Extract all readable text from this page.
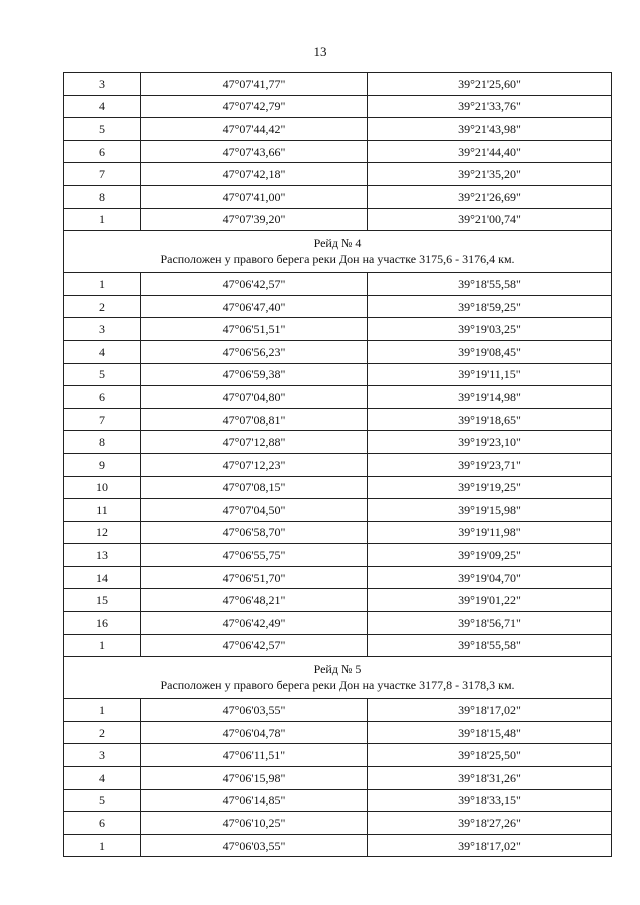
13
3	47°07'41,77"	39°21'25,60"
4	47°07'42,79"	39°21'33,76"
5	47°07'44,42"	39°21'43,98"
6	47°07'43,66"	39°21'44,40"
7	47°07'42,18"	39°21'35,20"
8	47°07'41,00"	39°21'26,69"
1	47°07'39,20"	39°21'00,74"

Рейд № 4
Расположен у правого берега реки Дон на участке 3175,6 - 3176,4 км.		

1	47°06'42,57"	39°18'55,58"
2	47°06'47,40"	39°18'59,25"
3	47°06'51,51"	39°19'03,25"
4	47°06'56,23"	39°19'08,45"
5	47°06'59,38"	39°19'11,15"
6	47°07'04,80"	39°19'14,98"
7	47°07'08,81"	39°19'18,65"
8	47°07'12,88"	39°19'23,10"
9	47°07'12,23"	39°19'23,71"
10	47°07'08,15"	39°19'19,25"
11	47°07'04,50"	39°19'15,98"
12	47°06'58,70"	39°19'11,98"
13	47°06'55,75"	39°19'09,25"
14	47°06'51,70"	39°19'04,70"
15	47°06'48,21"	39°19'01,22"
16	47°06'42,49"	39°18'56,71"
1	47°06'42,57"	39°18'55,58"

Рейд № 5
Расположен у правого берега реки Дон на участке 3177,8 - 3178,3 км.		

1	47°06'03,55"	39°18'17,02"
2	47°06'04,78"	39°18'15,48"
3	47°06'11,51"	39°18'25,50"
4	47°06'15,98"	39°18'31,26"
5	47°06'14,85"	39°18'33,15"
6	47°06'10,25"	39°18'27,26"
1	47°06'03,55"	39°18'17,02"
